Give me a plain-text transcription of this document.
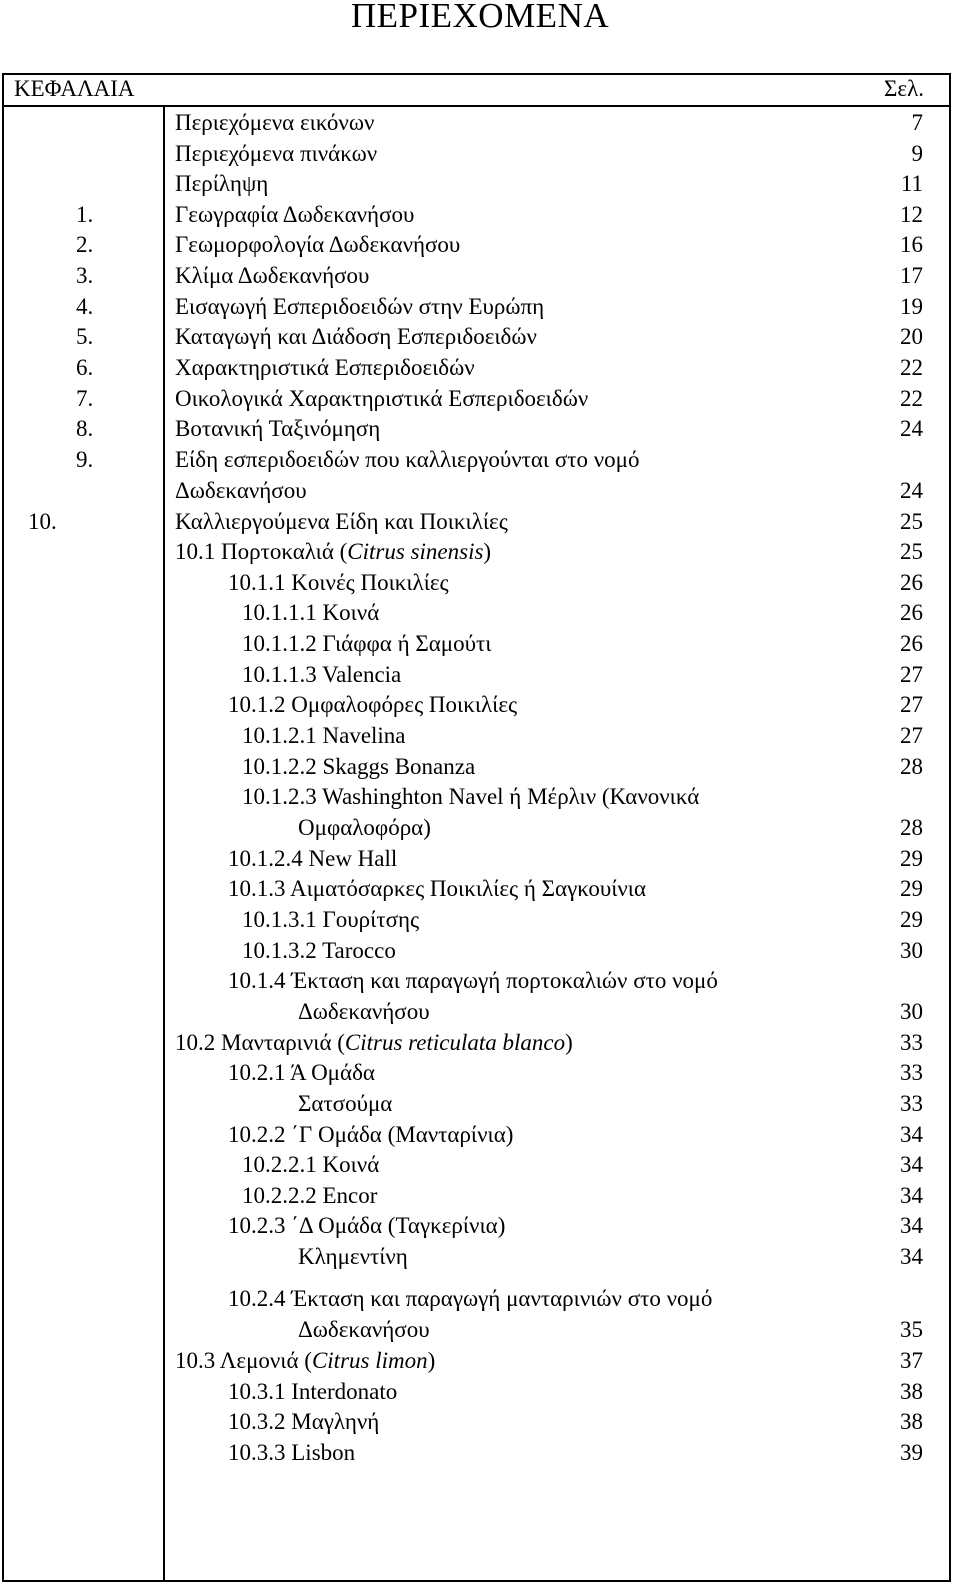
ΠΕΡΙΕΧΟΜΕΝΑ
ΚΕΦΑΛΑΙΑ	Σελ.
Περιεχόμενα εικόνων	7
Περιεχόμενα πινάκων	9
Περίληψη	11
1.	Γεωγραφία Δωδεκανήσου	12
2.	Γεωμορφολογία Δωδεκανήσου	16
3.	Κλίμα Δωδεκανήσου	17
4.	Εισαγωγή Εσπεριδοειδών στην Ευρώπη	19
5.	Καταγωγή και Διάδοση Εσπεριδοειδών	20
6.	Χαρακτηριστικά Εσπεριδοειδών	22
7.	Οικολογικά Χαρακτηριστικά Εσπεριδοειδών	22
8.	Βοτανική Ταξινόμηση	24
9.	Είδη εσπεριδοειδών που καλλιεργούνται στο νομό
Δωδεκανήσου	24
10.	Καλλιεργούμενα Είδη και Ποικιλίες	25
10.1 Πορτοκαλιά (Citrus sinensis)	25
10.1.1 Κοινές Ποικιλίες	26
10.1.1.1 Κοινά	26
10.1.1.2 Γιάφφα ή Σαμούτι	26
10.1.1.3 Valencia	27
10.1.2 Ομφαλοφόρες Ποικιλίες	27
10.1.2.1 Navelina	27
10.1.2.2 Skaggs Bonanza	28
10.1.2.3 Washinghton Navel ή Μέρλιν (Κανονικά
Ομφαλοφόρα)	28
10.1.2.4 New Hall	29
10.1.3 Αιματόσαρκες Ποικιλίες ή Σαγκουίνια	29
10.1.3.1 Γουρίτσης	29
10.1.3.2 Tarocco	30
10.1.4 Έκταση και παραγωγή πορτοκαλιών στο νομό
Δωδεκανήσου	30
10.2 Μανταρινιά (Citrus reticulata blanco)	33
10.2.1 Ά Ομάδα	33
Σατσούμα	33
10.2.2 ΄Γ Ομάδα (Μανταρίνια)	34
10.2.2.1 Κοινά	34
10.2.2.2 Encor	34
10.2.3 ΄Δ Ομάδα (Ταγκερίνια)	34
Κλημεντίνη	34
10.2.4 Έκταση και παραγωγή μανταρινιών στο νομό
Δωδεκανήσου	35
10.3 Λεμονιά (Citrus limon)	37
10.3.1 Interdonato	38
10.3.2 Μαγληνή	38
10.3.3 Lisbon	39
